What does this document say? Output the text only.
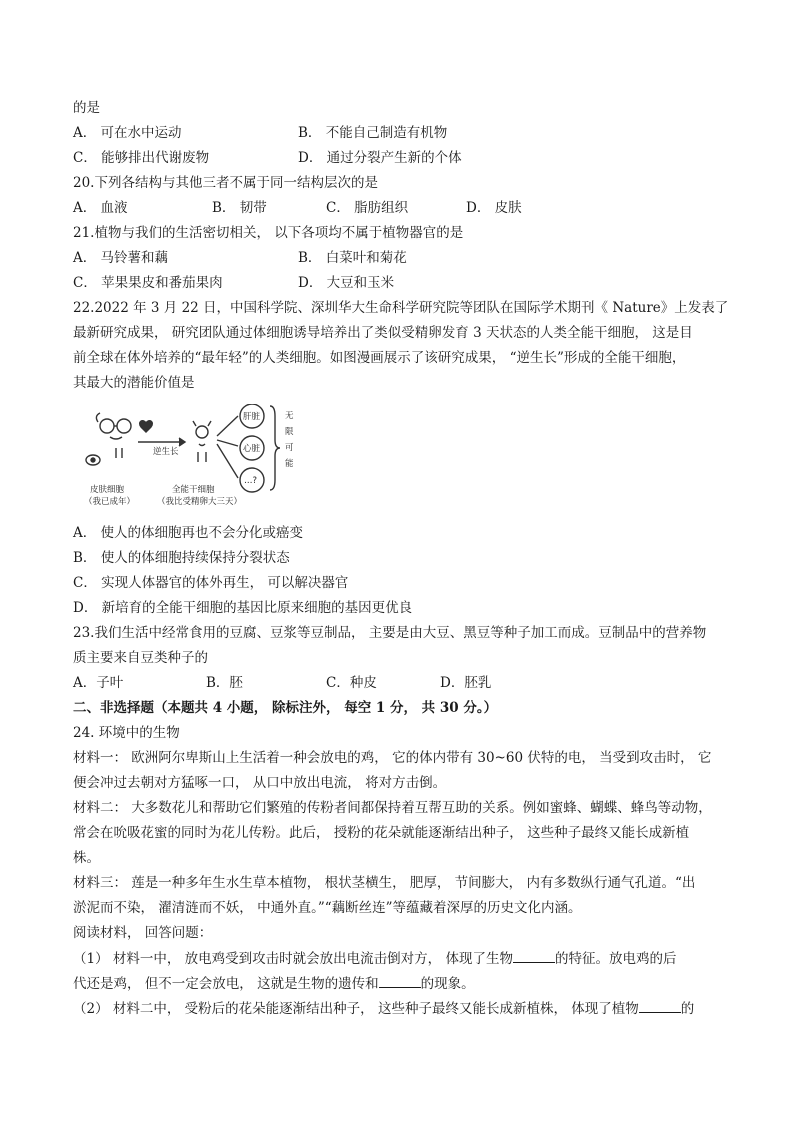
的是
A． 可在水中运动	B． 不能自己制造有机物
C． 能够排出代谢废物	D． 通过分裂产生新的个体
20.下列各结构与其他三者不属于同一结构层次的是
A． 血液	B． 韧带	C． 脂肪组织	D． 皮肤
21.植物与我们的生活密切相关， 以下各项均不属于植物器官的是
A． 马铃薯和藕	B． 白菜叶和菊花
C． 苹果果皮和番茄果肉	D． 大豆和玉米
22.2022 年 3 月 22 日，中国科学院、深圳华大生命科学研究院等团队在国际学术期刊《 Nature》上发表了
最新研究成果， 研究团队通过体细胞诱导培养出了类似受精卵发育 3 天状态的人类全能干细胞， 这是目
前全球在体外培养的“最年轻”的人类细胞。如图漫画展示了该研究成果， “逆生长”形成的全能干细胞，
其最大的潜能价值是
逆生长
皮肤细胞
（我已成年）
全能干细胞
（我比受精卵大三天）
肝脏
心脏
…?
无
限
可
能
A． 使人的体细胞再也不会分化或癌变
B． 使人的体细胞持续保持分裂状态
C． 实现人体器官的体外再生， 可以解决器官
D． 新培育的全能干细胞的基因比原来细胞的基因更优良
23.我们生活中经常食用的豆腐、豆浆等豆制品， 主要是由大豆、黑豆等种子加工而成。豆制品中的营养物
质主要来自豆类种子的
A．子叶	B．胚	C．种皮	D．胚乳
二、非选择题（本题共 4 小题， 除标注外， 每空 1 分， 共 30 分。）
24. 环境中的生物
材料一： 欧洲阿尔卑斯山上生活着一种会放电的鸡， 它的体内带有 30~60 伏特的电， 当受到攻击时， 它
便会冲过去朝对方猛啄一口， 从口中放出电流， 将对方击倒。
材料二： 大多数花儿和帮助它们繁殖的传粉者间都保持着互帮互助的关系。例如蜜蜂、蝴蝶、蜂鸟等动物，
常会在吮吸花蜜的同时为花儿传粉。此后， 授粉的花朵就能逐渐结出种子， 这些种子最终又能长成新植
株。
材料三： 莲是一种多年生水生草本植物， 根状茎横生， 肥厚， 节间膨大， 内有多数纵行通气孔道。“出
淤泥而不染， 濯清涟而不妖， 中通外直。”“藕断丝连”等蕴藏着深厚的历史文化内涵。
阅读材料， 回答问题：
（1） 材料一中， 放电鸡受到攻击时就会放出电流击倒对方， 体现了生物	的特征。放电鸡的后
代还是鸡， 但不一定会放电， 这就是生物的遗传和	的现象。
（2） 材料二中， 受粉后的花朵能逐渐结出种子， 这些种子最终又能长成新植株， 体现了植物	的
